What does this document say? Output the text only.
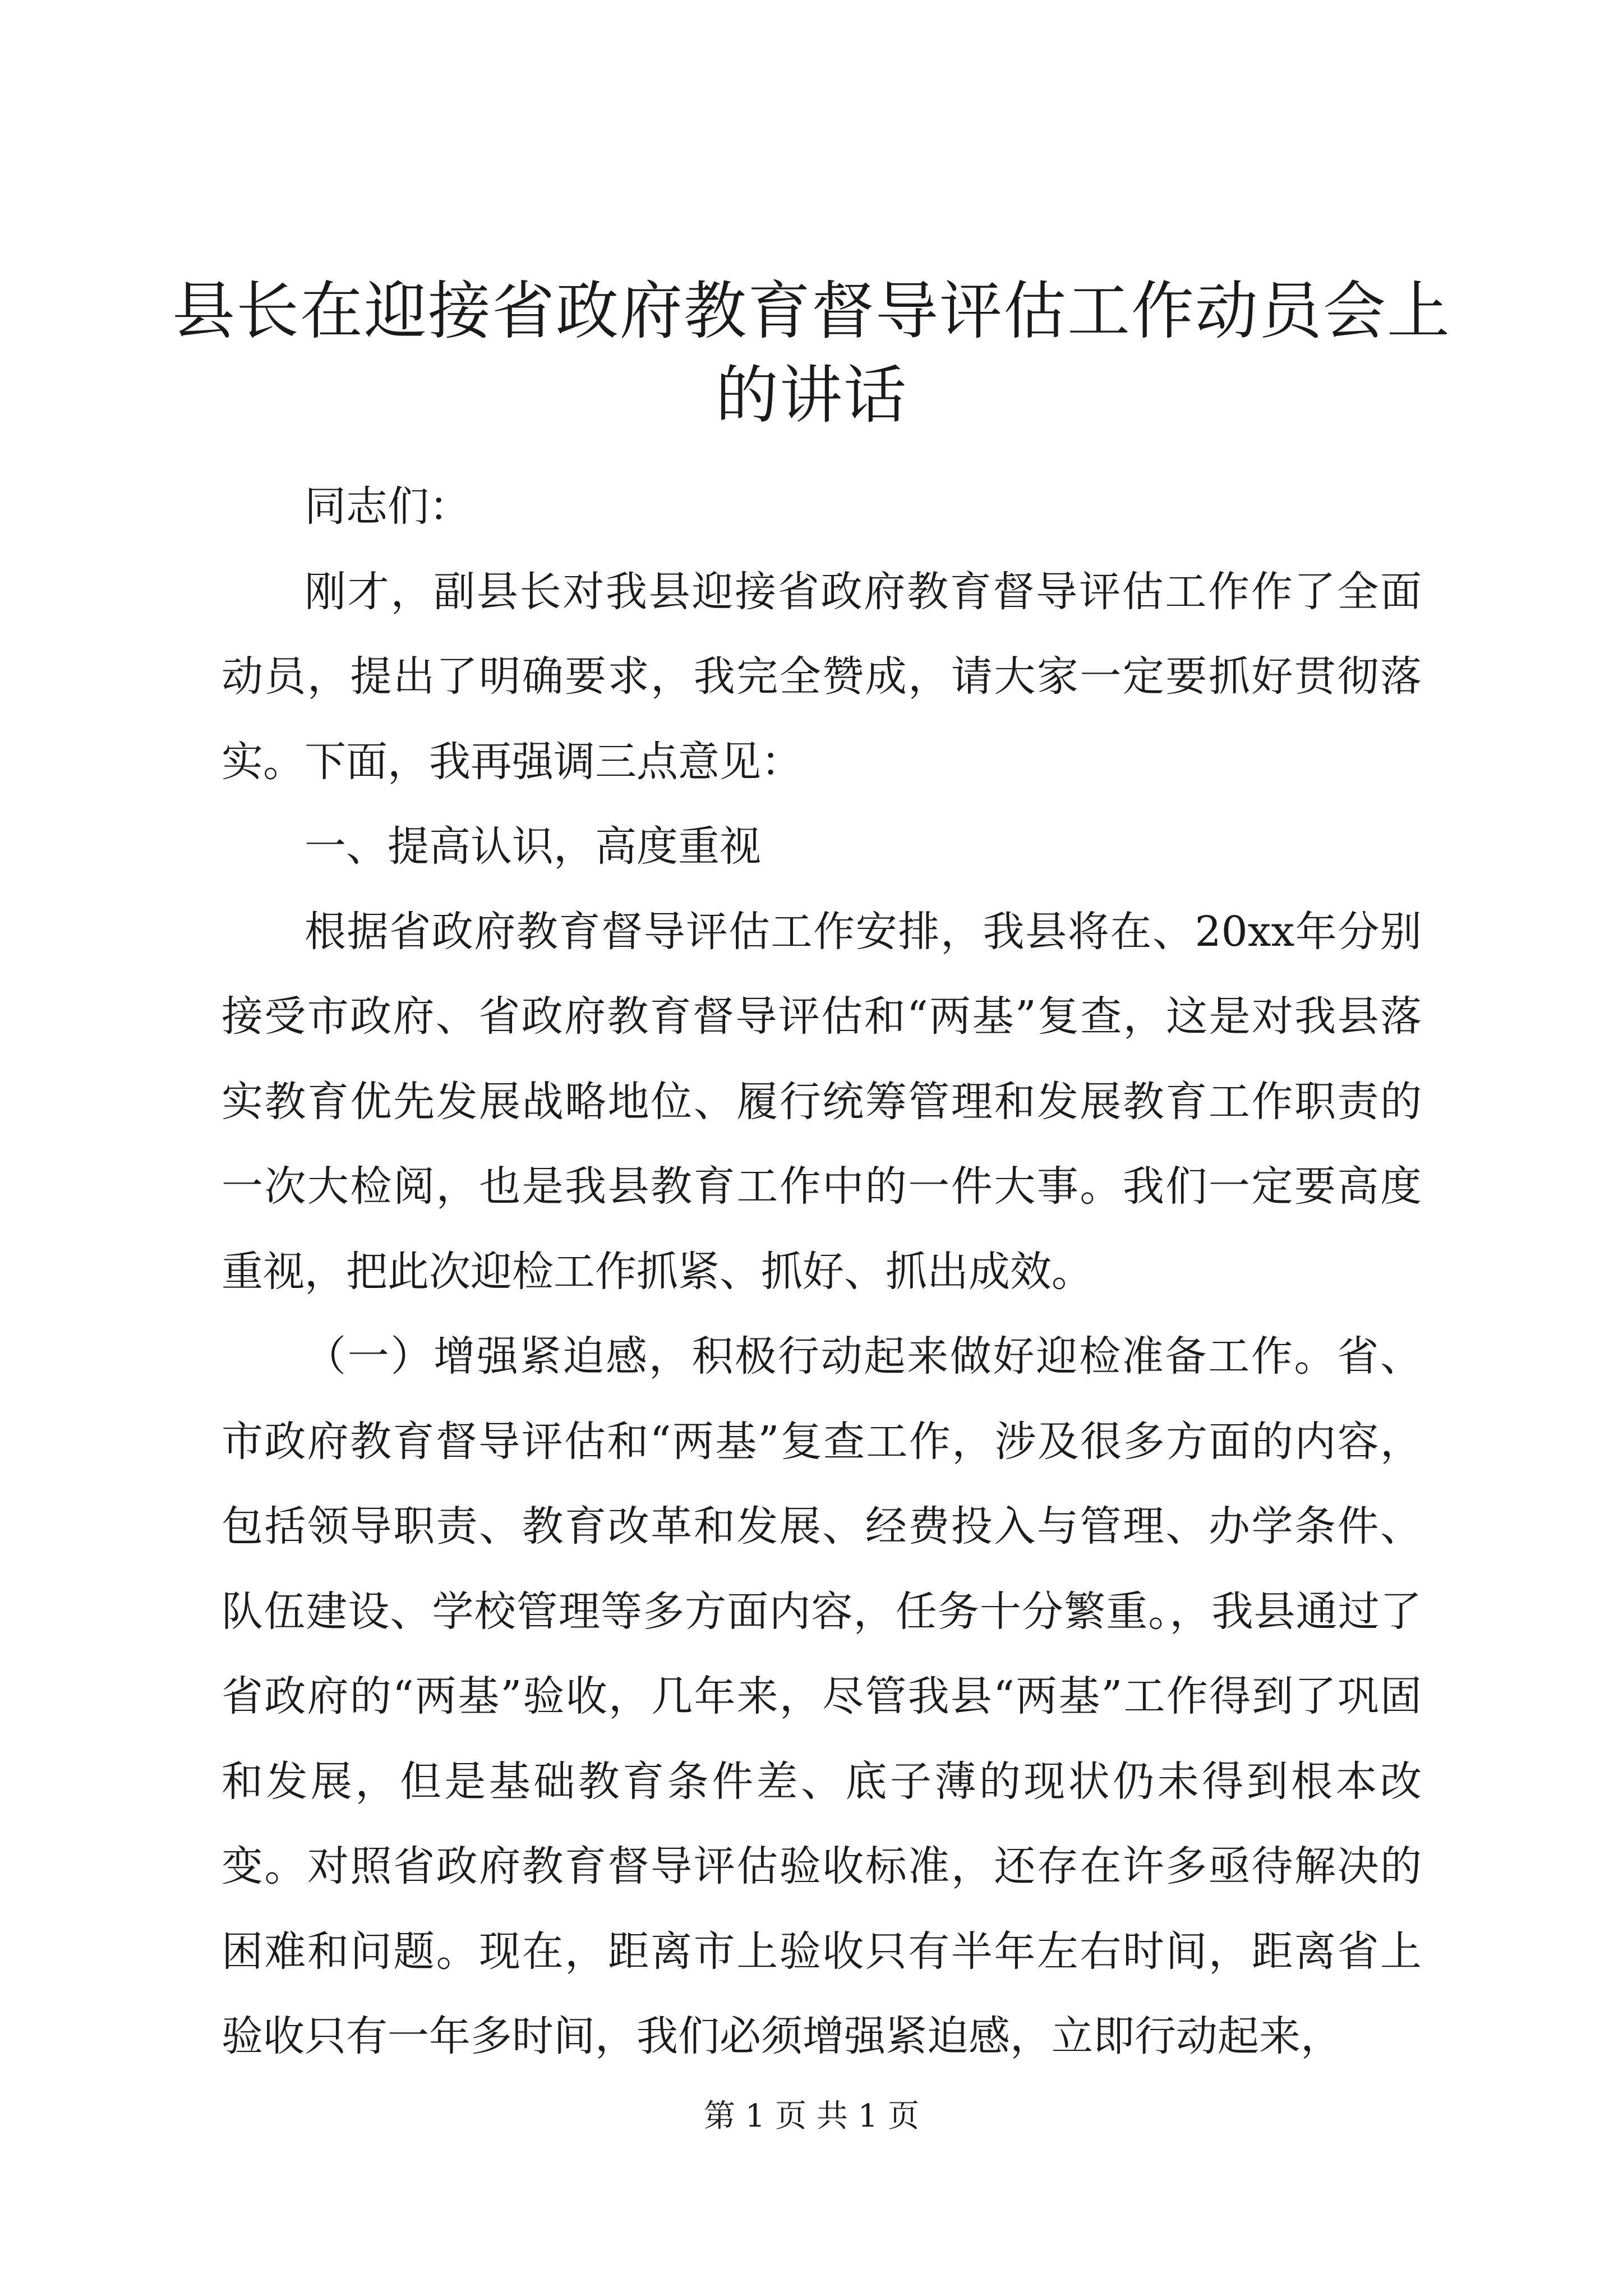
县长在迎接省政府教育督导评估工作动员会上的讲话

同志们：

刚才，副县长对我县迎接省政府教育督导评估工作作了全面动员，提出了明确要求，我完全赞成，请大家一定要抓好贯彻落实。下面，我再强调三点意见：

一、提高认识，高度重视

根据省政府教育督导评估工作安排，我县将在、20xx年分别接受市政府、省政府教育督导评估和“两基”复查，这是对我县落实教育优先发展战略地位、履行统筹管理和发展教育工作职责的一次大检阅，也是我县教育工作中的一件大事。我们一定要高度重视，把此次迎检工作抓紧、抓好、抓出成效。

（一）增强紧迫感，积极行动起来做好迎检准备工作。省、市政府教育督导评估和“两基”复查工作，涉及很多方面的内容，包括领导职责、教育改革和发展、经费投入与管理、办学条件、队伍建设、学校管理等多方面内容，任务十分繁重。，我县通过了省政府的“两基”验收，几年来，尽管我县“两基”工作得到了巩固和发展，但是基础教育条件差、底子薄的现状仍未得到根本改变。对照省政府教育督导评估验收标准，还存在许多亟待解决的困难和问题。现在，距离市上验收只有半年左右时间，距离省上验收只有一年多时间，我们必须增强紧迫感，立即行动起来，

第 1 页 共 1 页
